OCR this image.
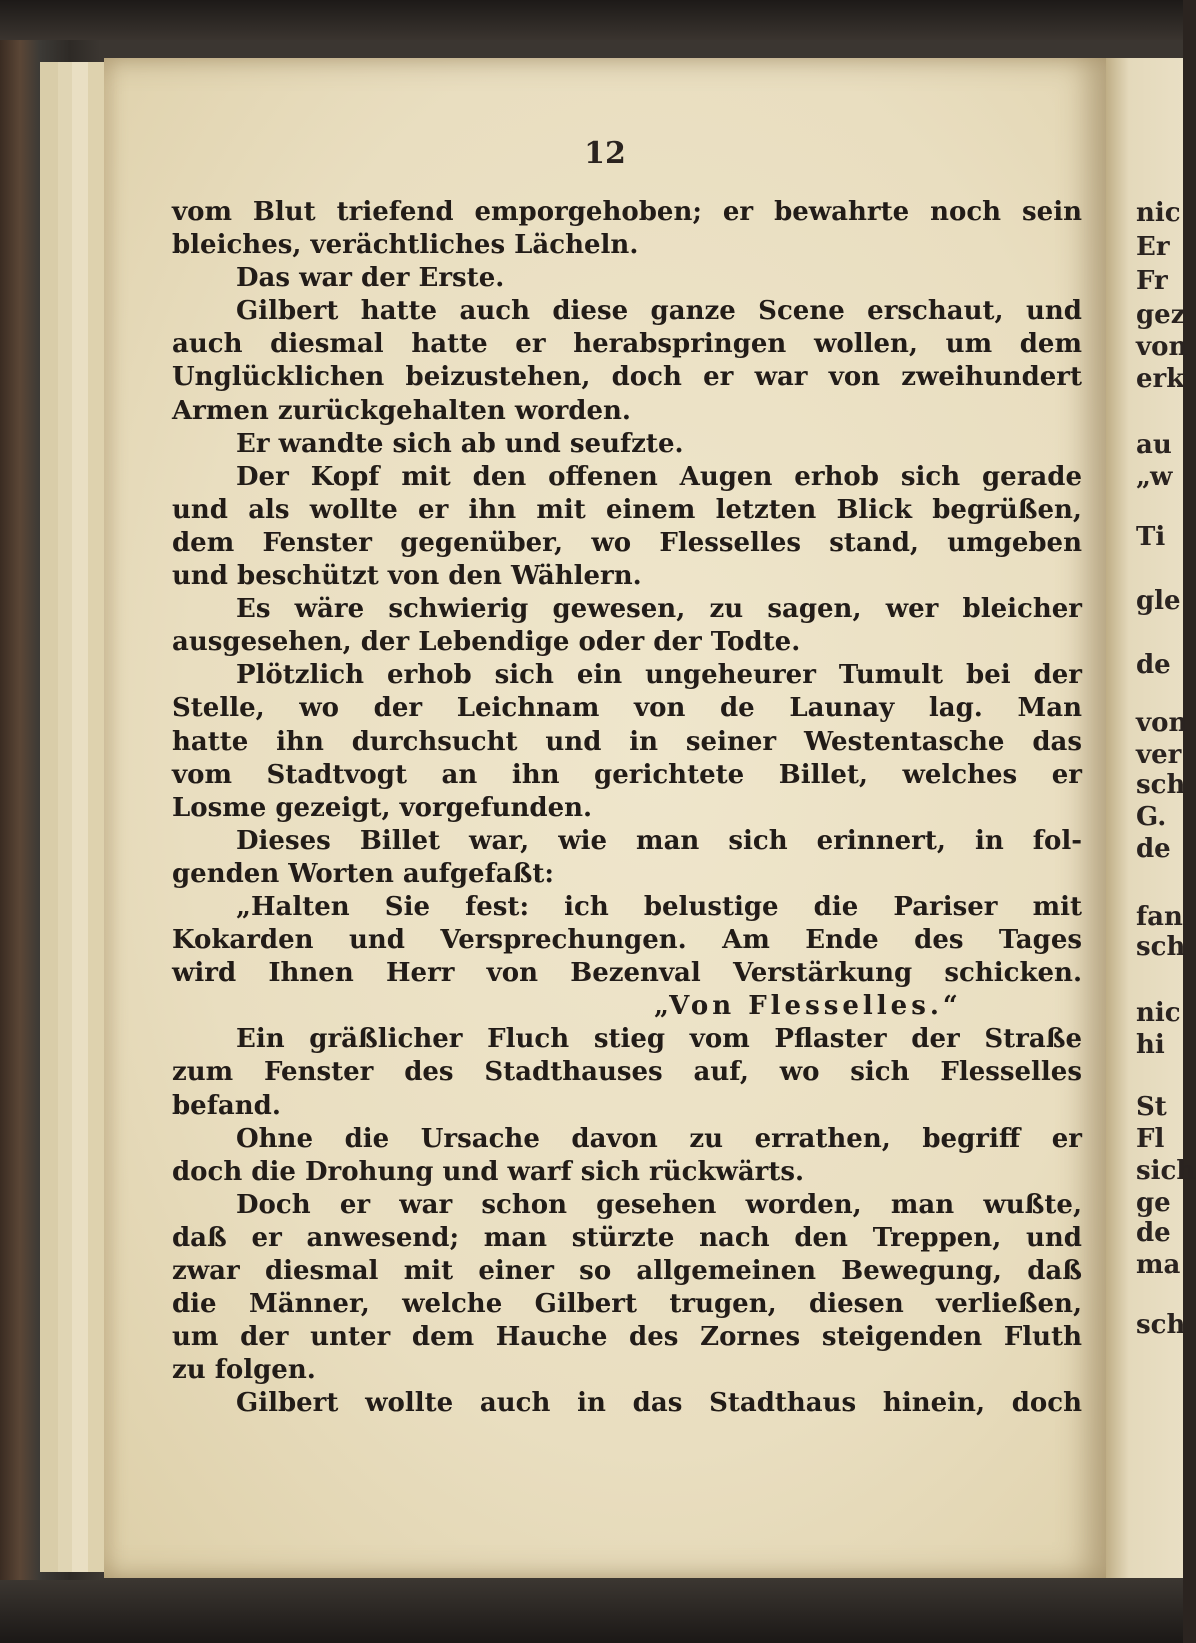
12
vom Blut triefend emporgehoben; er bewahrte noch sein
bleiches, verächtliches Lächeln.
Das war der Erste.
Gilbert hatte auch diese ganze Scene erschaut, und
auch diesmal hatte er herabspringen wollen, um dem
Unglücklichen beizustehen, doch er war von zweihundert
Armen zurückgehalten worden.
Er wandte sich ab und seufzte.
Der Kopf mit den offenen Augen erhob sich gerade
und als wollte er ihn mit einem letzten Blick begrüßen,
dem Fenster gegenüber, wo Flesselles stand, umgeben
und beschützt von den Wählern.
Es wäre schwierig gewesen, zu sagen, wer bleicher
ausgesehen, der Lebendige oder der Todte.
Plötzlich erhob sich ein ungeheurer Tumult bei der
Stelle, wo der Leichnam von de Launay lag. Man
hatte ihn durchsucht und in seiner Westentasche das
vom Stadtvogt an ihn gerichtete Billet, welches er
Losme gezeigt, vorgefunden.
Dieses Billet war, wie man sich erinnert, in fol-
genden Worten aufgefaßt:
„Halten Sie fest: ich belustige die Pariser mit
Kokarden und Versprechungen. Am Ende des Tages
wird Ihnen Herr von Bezenval Verstärkung schicken.
„Von Flesselles.“
Ein gräßlicher Fluch stieg vom Pflaster der Straße
zum Fenster des Stadthauses auf, wo sich Flesselles
befand.
Ohne die Ursache davon zu errathen, begriff er
doch die Drohung und warf sich rückwärts.
Doch er war schon gesehen worden, man wußte,
daß er anwesend; man stürzte nach den Treppen, und
zwar diesmal mit einer so allgemeinen Bewegung, daß
die Männer, welche Gilbert trugen, diesen verließen,
um der unter dem Hauche des Zornes steigenden Fluth
zu folgen.
Gilbert wollte auch in das Stadthaus hinein, doch
nic
Er
Fr
gez
von
erk
au
„w
Ti
gle
de
von
ver
sch
G.
de
fan
sch
nic
hi
St
Fl
sich
ge
de
ma
sch
